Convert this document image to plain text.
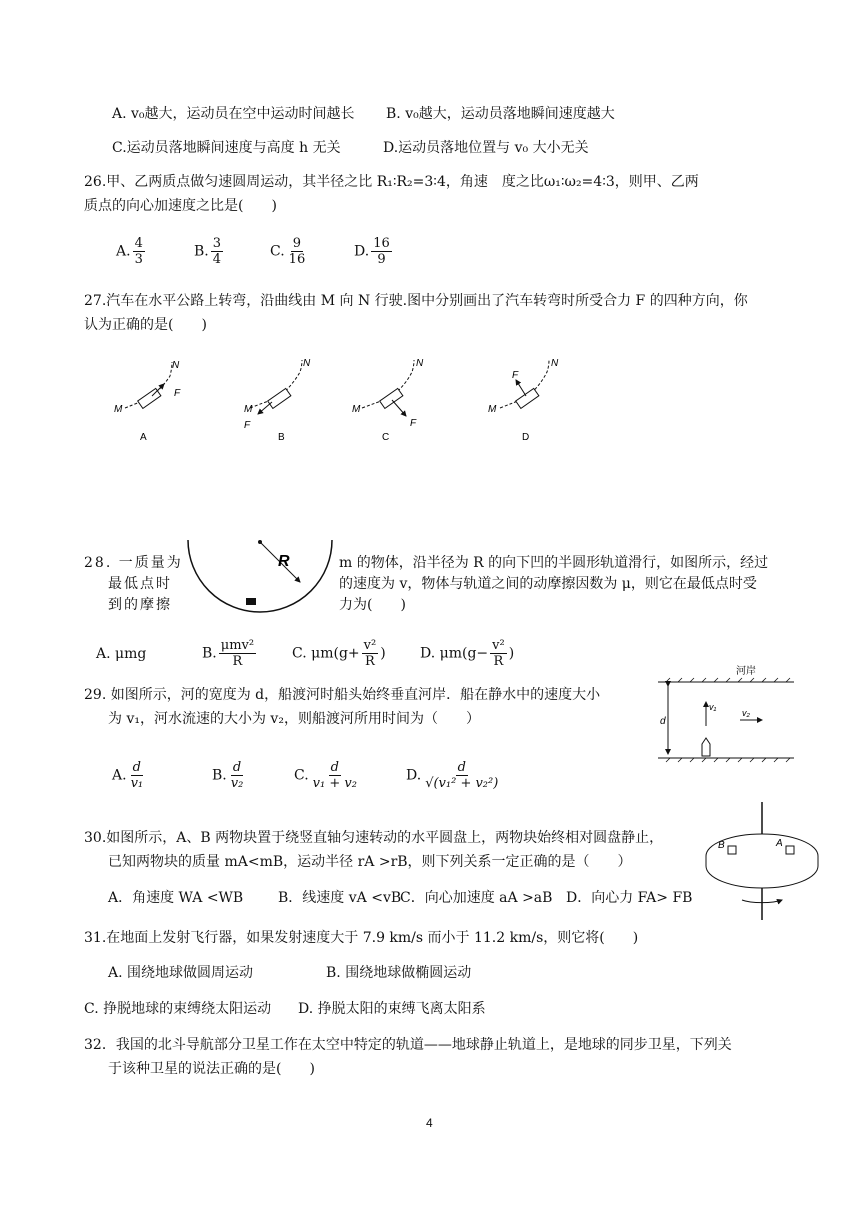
A. v₀越大，运动员在空中运动时间越长 B. v₀越大，运动员落地瞬间速度越大
C.运动员落地瞬间速度与高度 h 无关	D.运动员落地位置与 v₀ 大小无关
26.甲、乙两质点做匀速圆周运动，其半径之比 R₁∶R₂=3∶4，角速　度之比ω₁∶ω₂=4∶3，则甲、乙两
质点的向心加速度之比是(　　)
A. $\frac{4}{3}$	B. $\frac{3}{4}$	C. $\frac{9}{16}$	D. $\frac{16}{9}$
27.汽车在水平公路上转弯，沿曲线由 M 向 N 行驶.图中分别画出了汽车转弯时所受合力 F 的四种方向，你
认为正确的是(　　)
M
N
F
A
M
N
F
B
M
N
F
C
M
N
F
D
28. 一质量为
最低点时
到的摩擦
R	m 的物体，沿半径为 R 的向下凹的半圆形轨道滑行，如图所示，经过
的速度为 v，物体与轨道之间的动摩擦因数为 μ，则它在最低点时受
力为(　　)
A. μmg	B. $\frac{\text{μmv²}}{R}$	C. $\mu m(g+ \frac{\text{v²}}{R}$ ) D. $\mu m(g- \frac{\text{v²}}{R}$ )
29. 如图所示，河的宽度为 d，船渡河时船头始终垂直河岸．船在静水中的速度大小
为 v₁，河水流速的大小为 v₂，则船渡河所用时间为（　　）
A. $\frac{d}{\text{v₁}}$	B. $\frac{d}{\text{v₂}}$	C. $\frac{d}{\text{v₁ + v₂}}$	D. $\frac{d}{\text{√(v₁² + v₂²)}}$
河岸
d
v₁
v₂
30.如图所示，A、B 两物块置于绕竖直轴匀速转动的水平圆盘上，两物块始终相对圆盘静止，
已知两物块的质量 mA<mB，运动半径 rA >rB，则下列关系一定正确的是（　　）
A．角速度 WA <WB B．线速度 vA <vB
C．向心加速度 aA >aB D．向心力 FA> FB
B	A
31.在地面上发射飞行器，如果发射速度大于 7.9 km/s 而小于 11.2 km/s，则它将(　　)
A. 围绕地球做圆周运动	B. 围绕地球做椭圆运动
C. 挣脱地球的束缚绕太阳运动 D. 挣脱太阳的束缚飞离太阳系
32．我国的北斗导航部分卫星工作在太空中特定的轨道——地球静止轨道上，是地球的同步卫星，下列关
于该种卫星的说法正确的是(　　)
4
